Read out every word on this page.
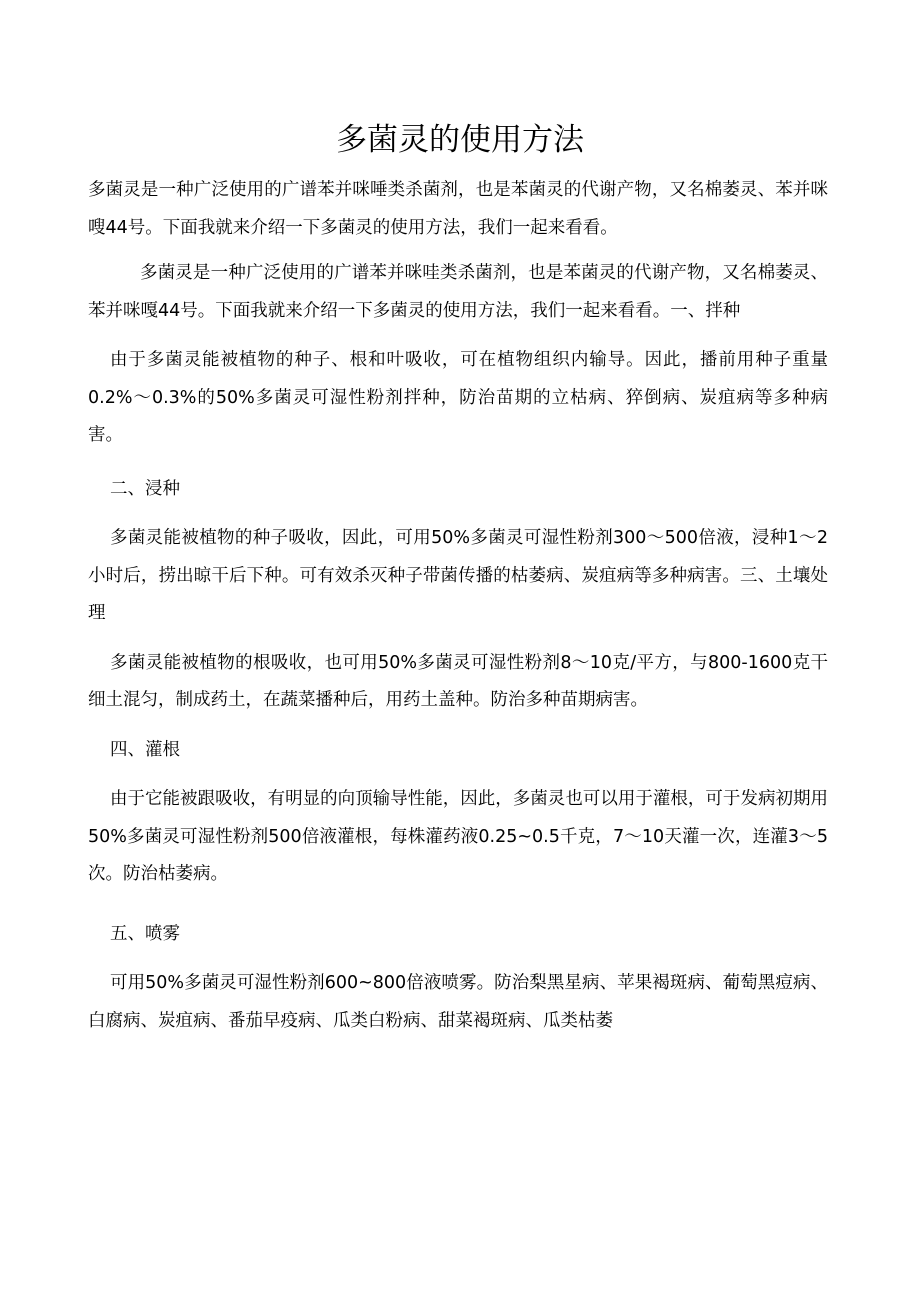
多菌灵的使用方法

多菌灵是一种广泛使用的广谱苯并咪唾类杀菌剂，也是苯菌灵的代谢产物，又名棉萎灵、苯并咪嗖44号。下面我就来介绍一下多菌灵的使用方法，我们一起来看看。

多菌灵是一种广泛使用的广谱苯并咪哇类杀菌剂，也是苯菌灵的代谢产物，又名棉萎灵、苯并咪嘎44号。下面我就来介绍一下多菌灵的使用方法，我们一起来看看。一、拌种

由于多菌灵能被植物的种子、根和叶吸收，可在植物组织内输导。因此，播前用种子重量0.2%～0.3%的50%多菌灵可湿性粉剂拌种，防治苗期的立枯病、猝倒病、炭疽病等多种病害。

二、浸种

多菌灵能被植物的种子吸收，因此，可用50%多菌灵可湿性粉剂300～500倍液，浸种1～2小时后，捞出晾干后下种。可有效杀灭种子带菌传播的枯萎病、炭疽病等多种病害。三、土壤处理

多菌灵能被植物的根吸收，也可用50%多菌灵可湿性粉剂8～10克/平方，与800-1600克干细土混匀，制成药土，在蔬菜播种后，用药土盖种。防治多种苗期病害。

四、灌根

由于它能被跟吸收，有明显的向顶输导性能，因此，多菌灵也可以用于灌根，可于发病初期用50%多菌灵可湿性粉剂500倍液灌根，每株灌药液0.25~0.5千克，7～10天灌一次，连灌3～5次。防治枯萎病。

五、喷雾

可用50%多菌灵可湿性粉剂600~800倍液喷雾。防治梨黑星病、苹果褐斑病、葡萄黑痘病、白腐病、炭疽病、番茄早疫病、瓜类白粉病、甜菜褐斑病、瓜类枯萎
